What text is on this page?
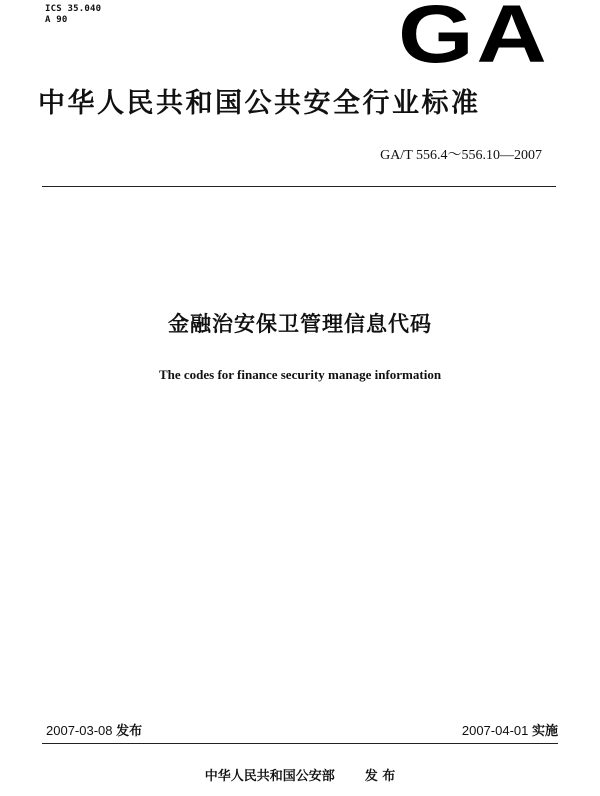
ICS 35.040
A 90	GA
中华人民共和国公共安全行业标准
GA/T 556.4～556.10—2007
金融治安保卫管理信息代码
The codes for finance security manage information
2007-03-08 发布	2007-04-01 实施
中华人民共和国公安部 发 布
